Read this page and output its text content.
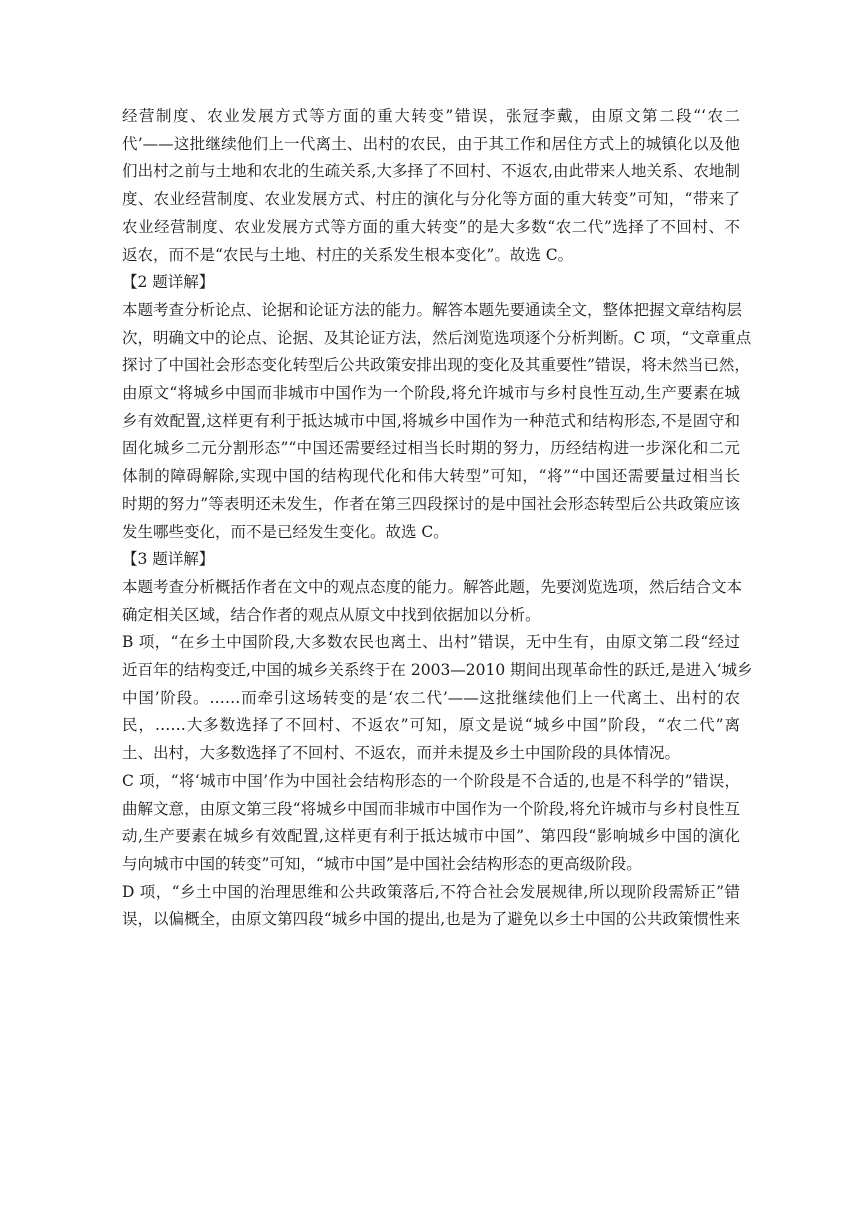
经营制度、农业发展方式等方面的重大转变”错误，张冠李戴，由原文第二段“‘农二
代’——这批继续他们上一代离土、出村的农民，由于其工作和居住方式上的城镇化以及他
们出村之前与土地和农北的生疏关系,大多择了不回村、不返农,由此带来人地关系、农地制
度、农业经营制度、农业发展方式、村庄的演化与分化等方面的重大转变”可知，“带来了
农业经营制度、农业发展方式等方面的重大转变”的是大多数“农二代”选择了不回村、不
返农，而不是“农民与土地、村庄的关系发生根本变化”。故选 C。

【2 题详解】

本题考查分析论点、论据和论证方法的能力。解答本题先要通读全文，整体把握文章结构层
次，明确文中的论点、论据、及其论证方法，然后浏览选项逐个分析判断。C 项，“文章重点
探讨了中国社会形态变化转型后公共政策安排出现的变化及其重要性”错误，将未然当已然，
由原文“将城乡中国而非城市中国作为一个阶段,将允许城市与乡村良性互动,生产要素在城
乡有效配置,这样更有利于抵达城市中国,将城乡中国作为一种范式和结构形态,不是固守和
固化城乡二元分割形态”“中国还需要经过相当长时期的努力，历经结构进一步深化和二元
体制的障碍解除,实现中国的结构现代化和伟大转型”可知，“将”“中国还需要量过相当长
时期的努力”等表明还未发生，作者在第三四段探讨的是中国社会形态转型后公共政策应该
发生哪些变化，而不是已经发生变化。故选 C。

【3 题详解】

本题考查分析概括作者在文中的观点态度的能力。解答此题，先要浏览选项，然后结合文本
确定相关区域，结合作者的观点从原文中找到依据加以分析。

B 项，“在乡土中国阶段,大多数农民也离土、出村”错误，无中生有，由原文第二段“经过
近百年的结构变迁,中国的城乡关系终于在 2003—2010 期间出现革命性的跃迁,是进入‘城乡
中国’阶段。……而牵引这场转变的是‘农二代’——这批继续他们上一代离土、出村的农
民，……大多数选择了不回村、不返农”可知，原文是说“城乡中国”阶段，“农二代”离
土、出村，大多数选择了不回村、不返农，而并未提及乡土中国阶段的具体情况。

C 项，“将‘城市中国’作为中国社会结构形态的一个阶段是不合适的,也是不科学的”错误，
曲解文意，由原文第三段“将城乡中国而非城市中国作为一个阶段,将允许城市与乡村良性互
动,生产要素在城乡有效配置,这样更有利于抵达城市中国”、第四段“影响城乡中国的演化
与向城市中国的转变”可知，“城市中国”是中国社会结构形态的更高级阶段。

D 项，“乡土中国的治理思维和公共政策落后,不符合社会发展规律,所以现阶段需矫正”错
误，以偏概全，由原文第四段“城乡中国的提出,也是为了避免以乡土中国的公共政策惯性来
